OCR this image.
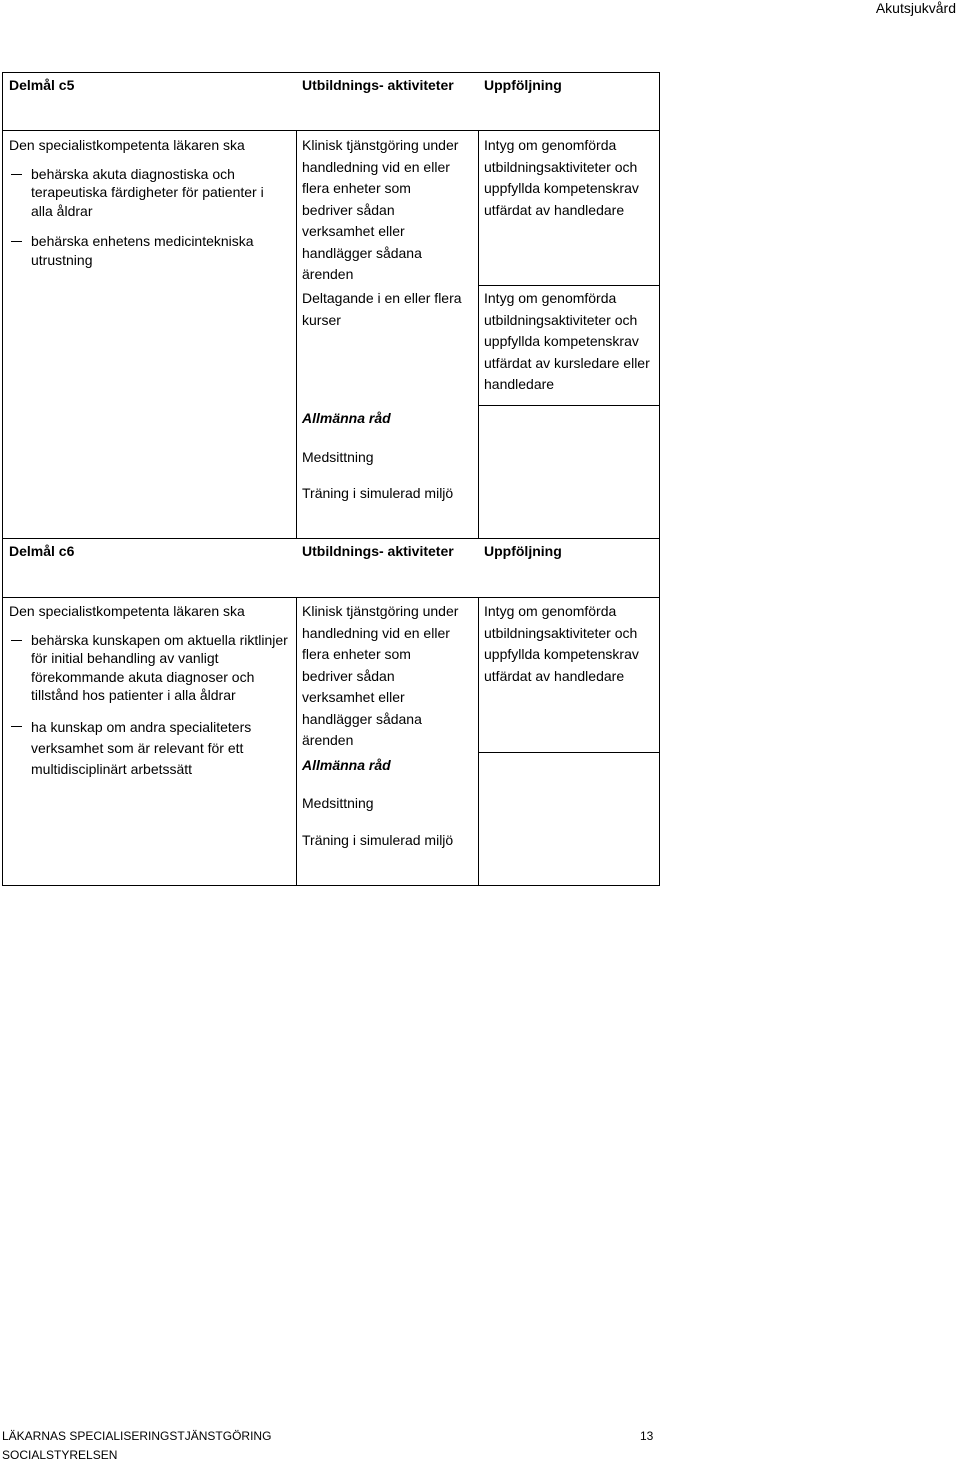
Akutsjukvård
Delmål c5	Utbildnings- aktiviteter Uppföljning
Den specialistkompetenta läkaren ska
behärska akuta diagnostiska och terapeutiska färdigheter för patienter i alla åldrar
behärska enhetens medicintekniska utrustning
Klinisk tjänstgöring under handledning vid en eller flera enheter som bedriver sådan verksamhet eller handlägger sådana ärenden
Deltagande i en eller flera kurser
Intyg om genomförda utbildningsaktiviteter och uppfyllda kompetenskrav utfärdat av handledare
Intyg om genomförda utbildningsaktiviteter och uppfyllda kompetenskrav utfärdat av kursledare eller handledare
Allmänna råd
Medsittning
Träning i simulerad miljö
Delmål c6	Utbildnings- aktiviteter Uppföljning
Den specialistkompetenta läkaren ska
behärska kunskapen om aktuella riktlinjer för initial behandling av vanligt förekommande akuta diagnoser och tillstånd hos patienter i alla åldrar
ha kunskap om andra specialiteters verksamhet som är relevant för ett multidisciplinärt arbetssätt
Klinisk tjänstgöring under handledning vid en eller flera enheter som bedriver sådan verksamhet eller handlägger sådana ärenden
Intyg om genomförda utbildningsaktiviteter och uppfyllda kompetenskrav utfärdat av handledare
Allmänna råd
Medsittning
Träning i simulerad miljö
LÄKARNAS SPECIALISERINGSTJÄNSTGÖRING
SOCIALSTYRELSEN
13
